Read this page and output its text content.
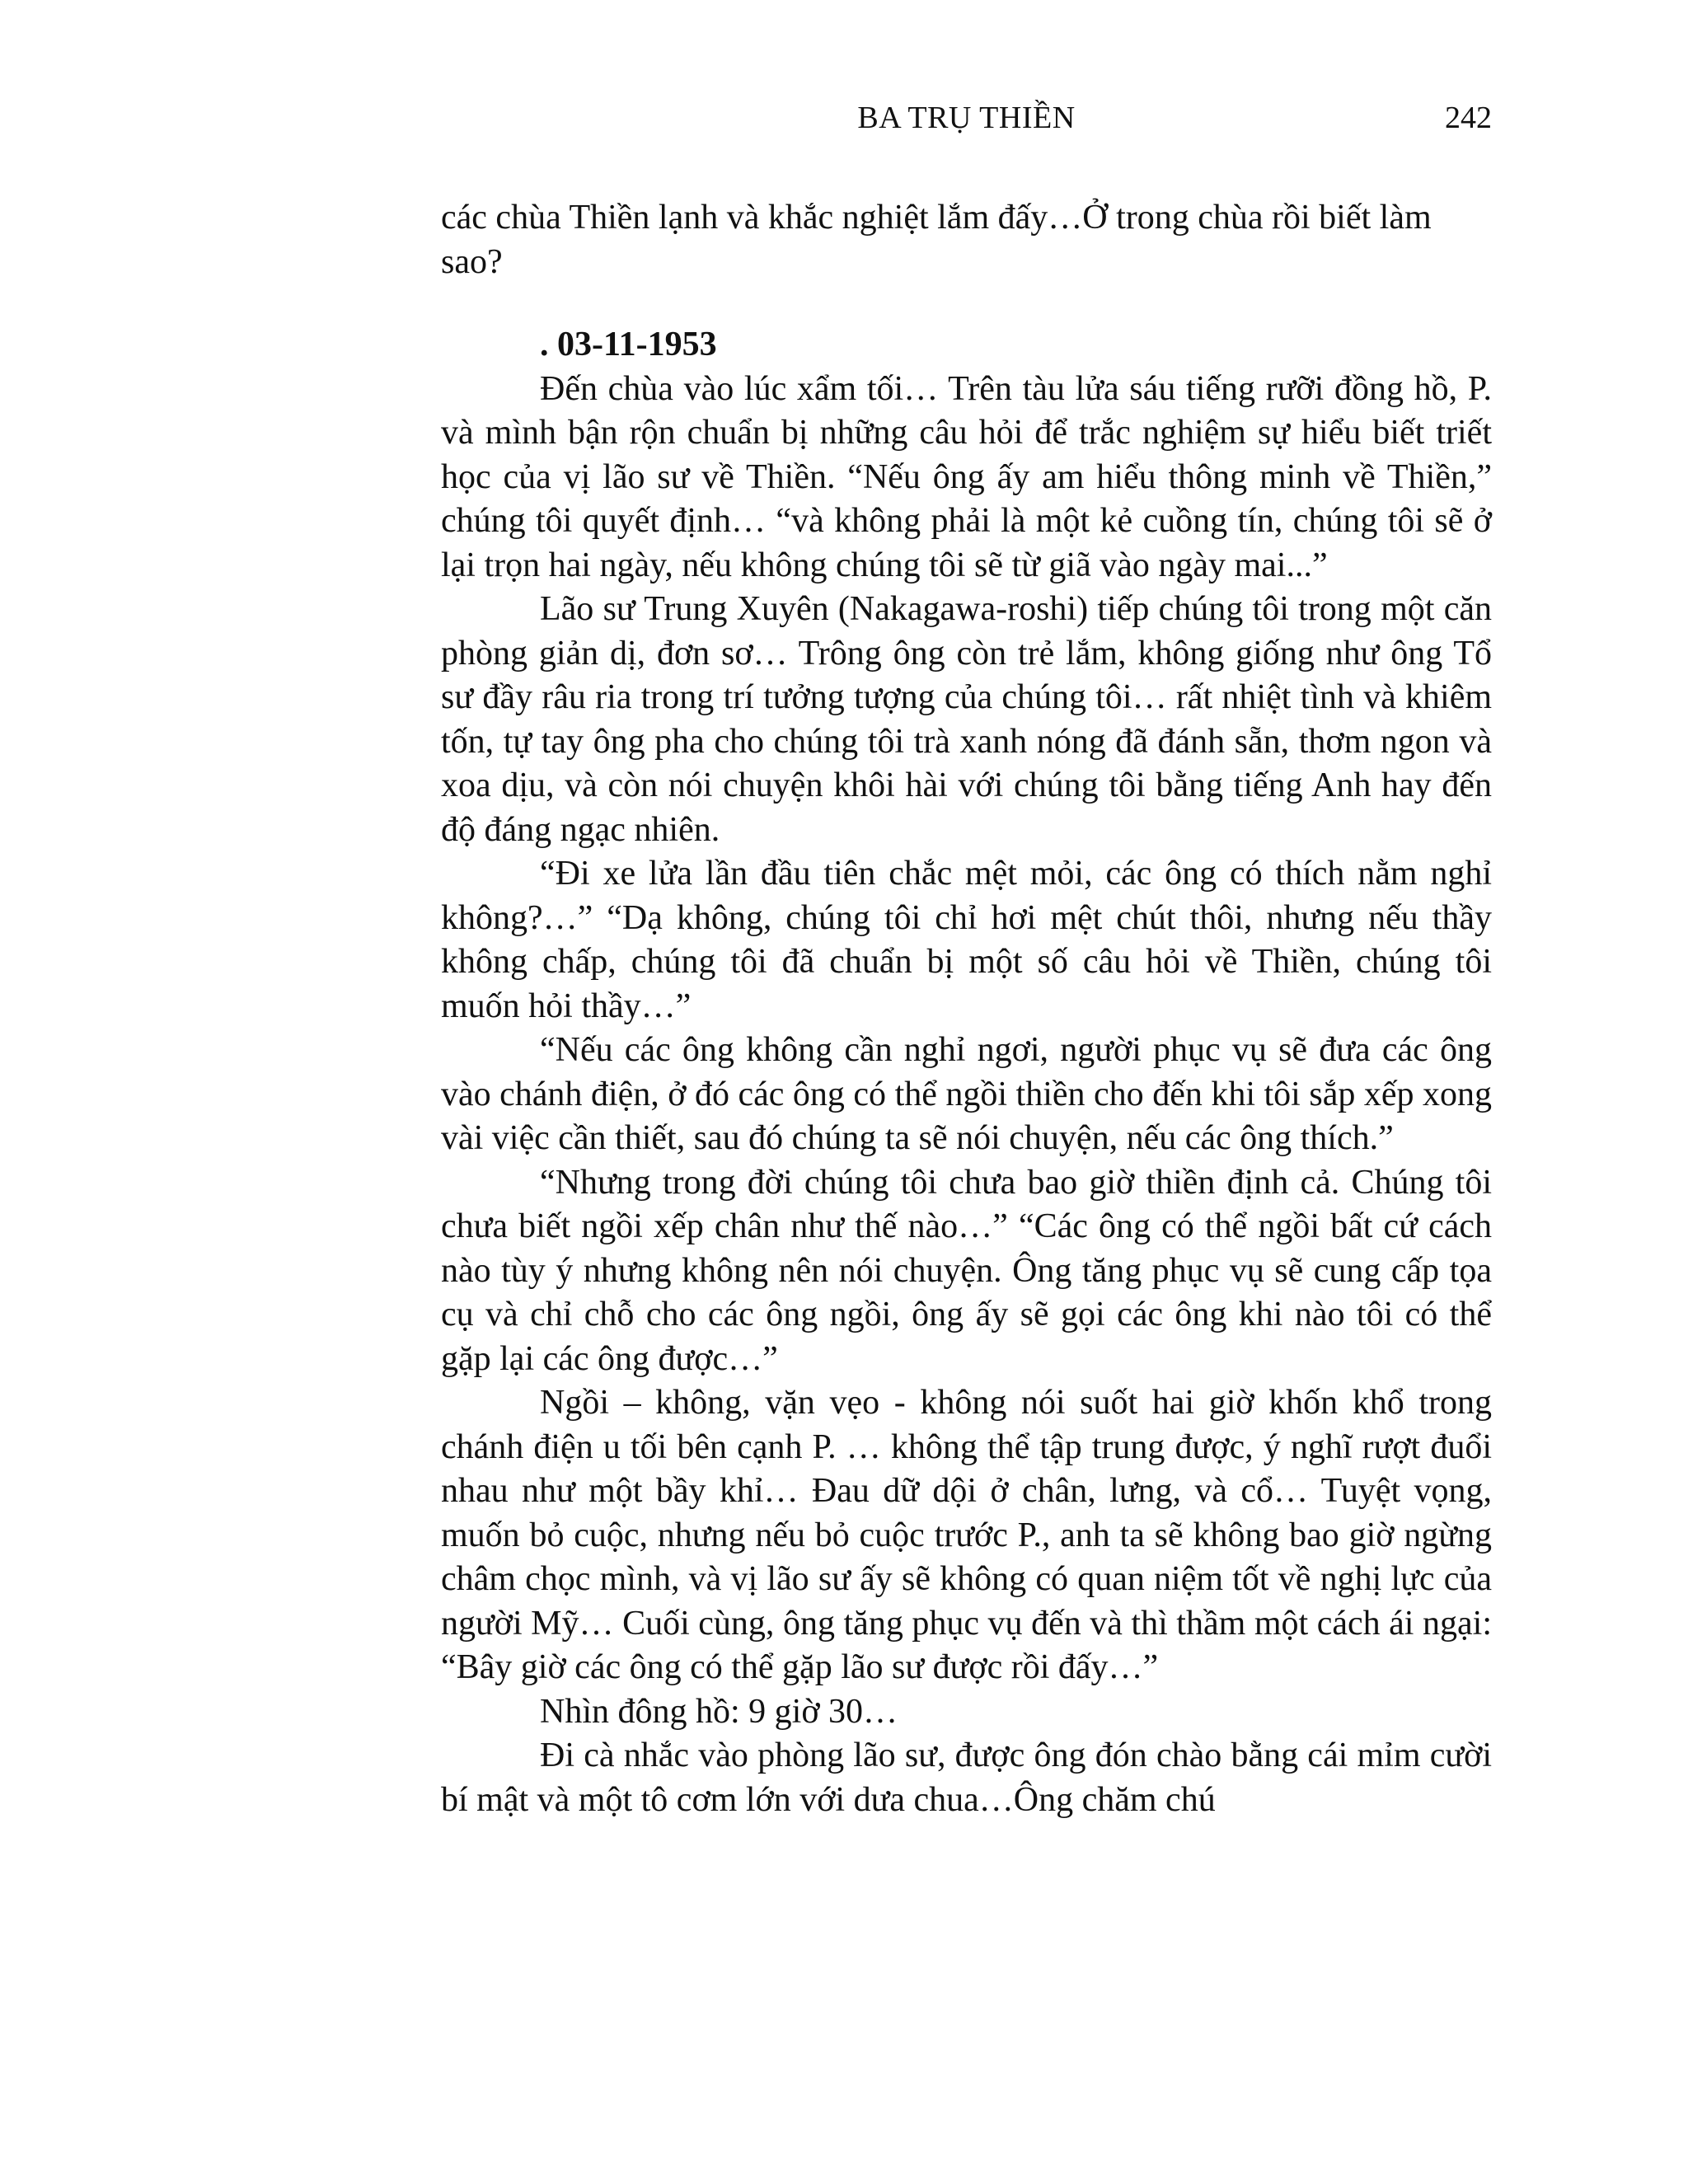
BA TRỤ THIỀN	242

các chùa Thiền lạnh và khắc nghiệt lắm đấy…Ở trong chùa rồi biết làm sao?

. 03-11-1953

Đến chùa vào lúc xẩm tối… Trên tàu lửa sáu tiếng rưỡi đồng hồ, P. và mình bận rộn chuẩn bị những câu hỏi để trắc nghiệm sự hiểu biết triết học của vị lão sư về Thiền. “Nếu ông ấy am hiểu thông minh về Thiền,” chúng tôi quyết định… “và không phải là một kẻ cuồng tín, chúng tôi sẽ ở lại trọn hai ngày, nếu không chúng tôi sẽ từ giã vào ngày mai...”

Lão sư Trung Xuyên (Nakagawa-roshi) tiếp chúng tôi trong một căn phòng giản dị, đơn sơ… Trông ông còn trẻ lắm, không giống như ông Tổ sư đầy râu ria trong trí tưởng tượng của chúng tôi… rất nhiệt tình và khiêm tốn, tự tay ông pha cho chúng tôi trà xanh nóng đã đánh sẵn, thơm ngon và xoa dịu, và còn nói chuyện khôi hài với chúng tôi bằng tiếng Anh hay đến độ đáng ngạc nhiên.

“Đi xe lửa lần đầu tiên chắc mệt mỏi, các ông có thích nằm nghỉ không?…” “Dạ không, chúng tôi chỉ hơi mệt chút thôi, nhưng nếu thầy không chấp, chúng tôi đã chuẩn bị một số câu hỏi về Thiền, chúng tôi muốn hỏi thầy…”

“Nếu các ông không cần nghỉ ngơi, người phục vụ sẽ đưa các ông vào chánh điện, ở đó các ông có thể ngồi thiền cho đến khi tôi sắp xếp xong vài việc cần thiết, sau đó chúng ta sẽ nói chuyện, nếu các ông thích.”

“Nhưng trong đời chúng tôi chưa bao giờ thiền định cả. Chúng tôi chưa biết ngồi xếp chân như thế nào…” “Các ông có thể ngồi bất cứ cách nào tùy ý nhưng không nên nói chuyện. Ông tăng phục vụ sẽ cung cấp tọa cụ và chỉ chỗ cho các ông ngồi, ông ấy sẽ gọi các ông khi nào tôi có thể gặp lại các ông được…”

Ngồi – không, vặn vẹo - không nói suốt hai giờ khốn khổ trong chánh điện u tối bên cạnh P. … không thể tập trung được, ý nghĩ rượt đuổi nhau như một bầy khỉ… Đau dữ dội ở chân, lưng, và cổ… Tuyệt vọng, muốn bỏ cuộc, nhưng nếu bỏ cuộc trước P., anh ta sẽ không bao giờ ngừng châm chọc mình, và vị lão sư ấy sẽ không có quan niệm tốt về nghị lực của người Mỹ… Cuối cùng, ông tăng phục vụ đến và thì thầm một cách ái ngại: “Bây giờ các ông có thể gặp lão sư được rồi đấy…”

Nhìn đông hồ: 9 giờ 30…

Đi cà nhắc vào phòng lão sư, được ông đón chào bằng cái mỉm cười bí mật và một tô cơm lớn với dưa chua…Ông chăm chú
